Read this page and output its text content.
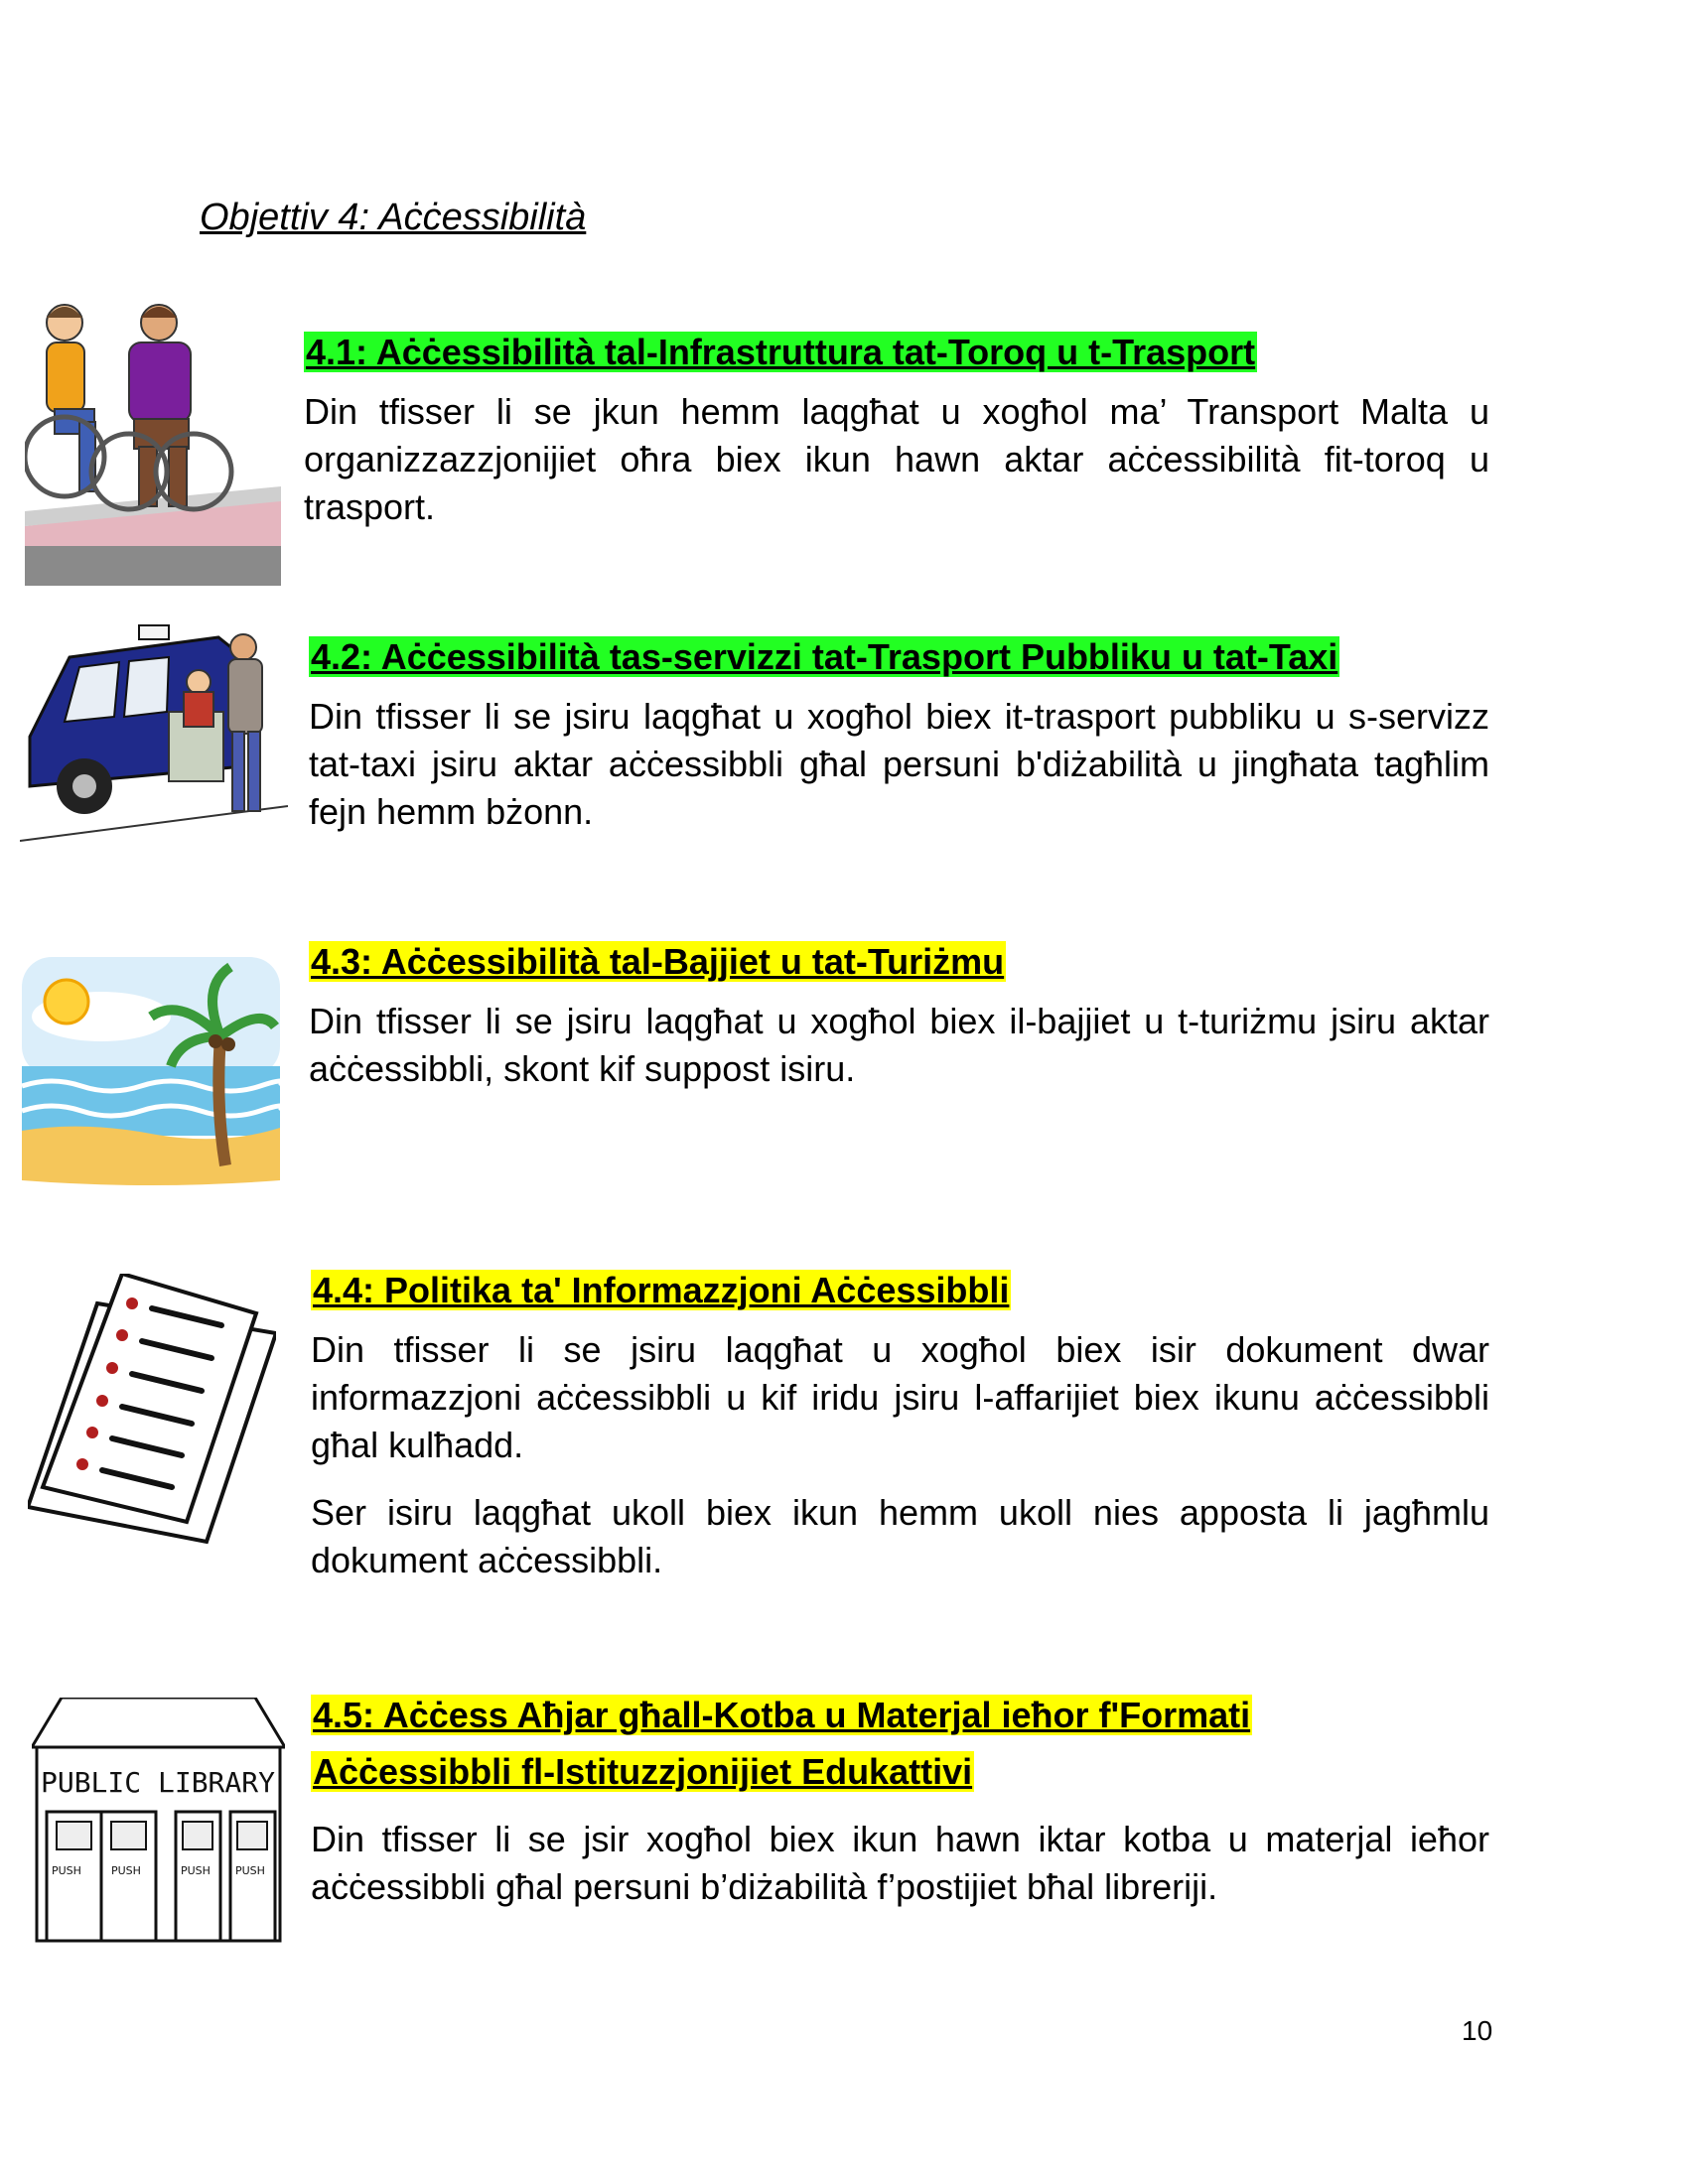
Objettiv 4: Aċċessibilità
4.1: Aċċessibilità tal-Infrastruttura tat-Toroq u t-Trasport

Din tfisser li se jkun hemm laqgħat u xogħol ma’ Transport Malta u organizzazzjonijiet oħra biex ikun hawn aktar aċċessibilità fit-toroq u trasport.

4.2: Aċċessibilità tas-servizzi tat-Trasport Pubbliku u tat-Taxi

Din tfisser li se jsiru laqgħat u xogħol biex it-trasport pubbliku u s-servizz tat-taxi jsiru aktar aċċessibbli għal persuni b'diżabilità u jingħata tagħlim fejn hemm bżonn.

4.3: Aċċessibilità tal-Bajjiet u tat-Turiżmu

Din tfisser li se jsiru laqgħat u xogħol biex il-bajjiet u t-turiżmu jsiru aktar aċċessibbli, skont kif suppost isiru.

4.4: Politika ta' Informazzjoni Aċċessibbli

Din tfisser li se jsiru laqgħat u xogħol biex isir dokument dwar informazzjoni aċċessibbli u kif iridu jsiru l-affarijiet biex ikunu aċċessibbli għal kulħadd.

Ser isiru laqgħat ukoll biex ikun hemm ukoll nies apposta li jagħmlu dokument aċċessibbli.

PUBLIC LIBRARY
PUSH	PUSH	PUSH PUSH
4.5: Aċċess Aħjar għall-Kotba u Materjal ieħor f'Formati
Aċċessibbli fl-Istituzzjonijiet Edukattivi

Din tfisser li se jsir xogħol biex ikun hawn iktar kotba u materjal ieħor aċċessibbli għal persuni b’diżabilità f’postijiet bħal libreriji.

10
